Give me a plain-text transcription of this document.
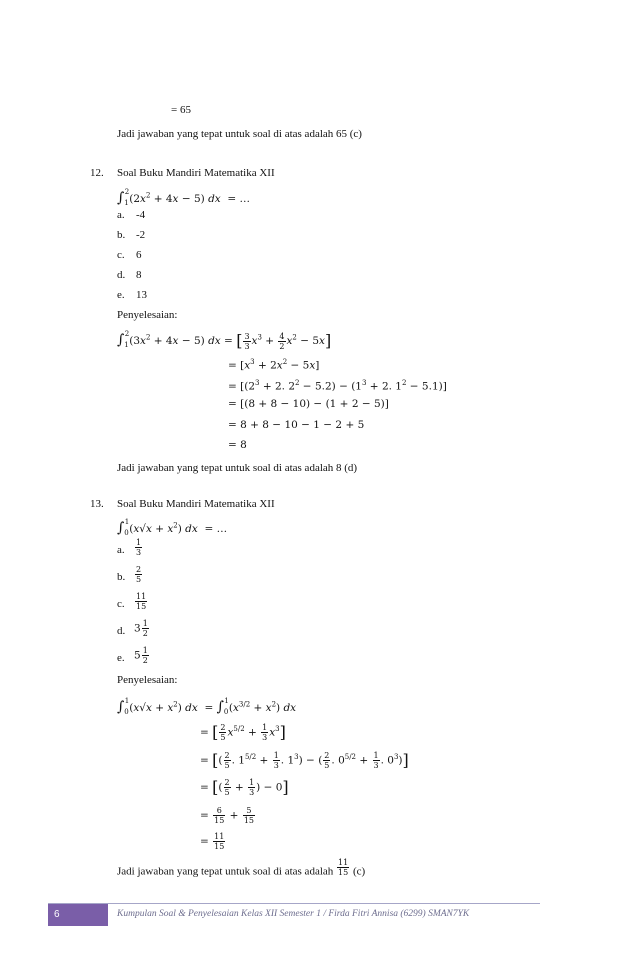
= 65
Jadi jawaban yang tepat untuk soal di atas adalah 65 (c)
12. Soal Buku Mandiri Matematika XII
$\int_1^2(2𝑥^2$ + 4𝑥 − 5) 𝑑𝑥  = …
a. -4
b. -2
c. 6
d. 8
e. 13
Penyelesaian:
$\int_1^2(3𝑥^2$ + 4𝑥 − 5) 𝑑𝑥 = [ $\frac{3}{3}$ 𝑥$^3$ + $\frac{4}{2}$ 𝑥$^2$ − 5𝑥]
= [𝑥$^3$ + 2𝑥$^2$ − 5𝑥]
= [($2^3 + 2$. $2^2 - 5.2) - (1^3 + 2$. $1^2 - 5.1$)]
= [(8 + 8 − 10) − (1 + 2 − 5)]
= 8 + 8 − 10 − 1 − 2 + 5
= 8
Jadi jawaban yang tepat untuk soal di atas adalah 8 (d)
13. Soal Buku Mandiri Matematika XII
$\int_0^1(𝑥√𝑥$ + 𝑥$^2$) 𝑑𝑥  = …
a. $\frac{1}{3}$
b. $\frac{2}{5}$
c. $\frac{11}{15}$
d. $3 \frac{1}{2}$
e. $5 \frac{1}{2}$
Penyelesaian:
$\int_0^1(𝑥√𝑥$ + 𝑥$^2$) 𝑑𝑥  = $\int_0^1(𝑥^{3/2}$ + 𝑥$^2$) 𝑑𝑥
= [ $\frac{2}{5}$ 𝑥$^{5/2}$ + $\frac{1}{3}$ 𝑥$^3$]
= [( $\frac{2}{5}$ . $1^{5/2} + \frac{1}{3}$ . $1^3$) − ( $\frac{2}{5}$ . $0^{5/2} + \frac{1}{3}$ . $0^3$)]
= [( $\frac{2}{5} + \frac{1}{3}$ ) − 0]
= $\frac{6}{15} + \frac{5}{15}$
= $\frac{11}{15}$
Jadi jawaban yang tepat untuk soal di atas adalah $\frac{11}{15} (c)$
6	Kumpulan Soal & Penyelesaian Kelas XII Semester 1 / Firda Fitri Annisa (6299) SMAN7YK
